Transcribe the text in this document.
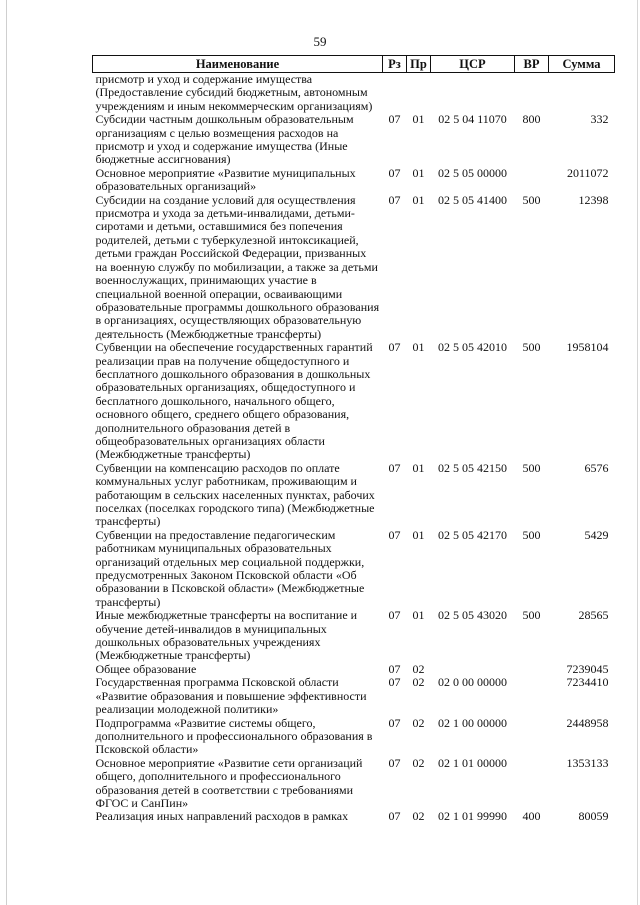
59
Наименование	Рз	Пр	ЦСР	ВР	Сумма
присмотр и уход и содержание имущества (Предоставление субсидий бюджетным, автономным учреждениям и иным некоммерческим организациям)					
Субсидии частным дошкольным образовательным организациям с целью возмещения расходов на присмотр и уход и содержание имущества (Иные бюджетные ассигнования)	07	01	02 5 04 11070	800	332
Основное мероприятие «Развитие муниципальных образовательных организаций»	07	01	02 5 05 00000		2011072
Субсидии на создание условий для осуществления присмотра и ухода за детьми-инвалидами, детьми-сиротами и детьми, оставшимися без попечения родителей, детьми с туберкулезной интоксикацией, детьми граждан Российской Федерации, призванных на военную службу по мобилизации, а также за детьми военнослужащих, принимающих участие в специальной военной операции, осваивающими образовательные программы дошкольного образования в организациях, осуществляющих образовательную деятельность (Межбюджетные трансферты)	07	01	02 5 05 41400	500	12398
Субвенции на обеспечение государственных гарантий реализации прав на получение общедоступного и бесплатного дошкольного образования в дошкольных образовательных организациях, общедоступного и бесплатного дошкольного, начального общего, основного общего, среднего общего образования, дополнительного образования детей в общеобразовательных организациях области (Межбюджетные трансферты)	07	01	02 5 05 42010	500	1958104
Субвенции на компенсацию расходов по оплате коммунальных услуг работникам, проживающим и работающим в сельских населенных пунктах, рабочих поселках (поселках городского типа) (Межбюджетные трансферты)	07	01	02 5 05 42150	500	6576
Субвенции на предоставление педагогическим работникам муниципальных образовательных организаций отдельных мер социальной поддержки, предусмотренных Законом Псковской области «Об образовании в Псковской области» (Межбюджетные трансферты)	07	01	02 5 05 42170	500	5429
Иные межбюджетные трансферты на воспитание и обучение детей-инвалидов в муниципальных дошкольных образовательных учреждениях (Межбюджетные трансферты)	07	01	02 5 05 43020	500	28565
Общее образование	07	02			7239045
Государственная программа Псковской области «Развитие образования и повышение эффективности реализации молодежной политики»	07	02	02 0 00 00000		7234410
Подпрограмма «Развитие системы общего, дополнительного и профессионального образования в Псковской области»	07	02	02 1 00 00000		2448958
Основное мероприятие «Развитие сети организаций общего, дополнительного и профессионального образования детей в соответствии с требованиями ФГОС и СанПин»	07	02	02 1 01 00000		1353133
Реализация иных направлений расходов в рамках	07	02	02 1 01 99990	400	80059
